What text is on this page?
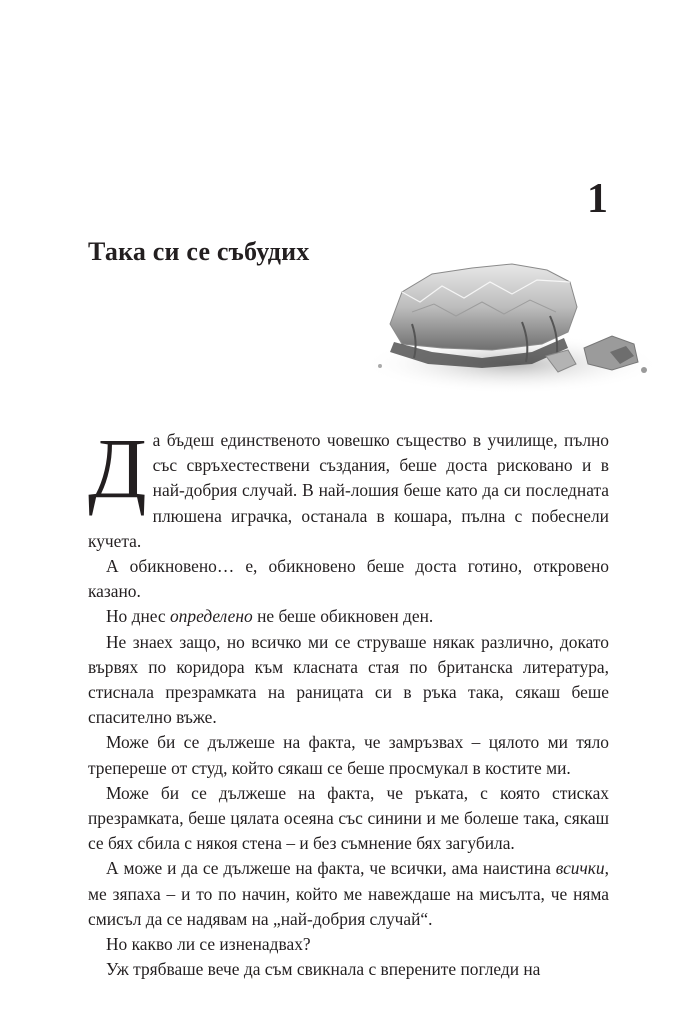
1
Така си се събудих

Да бъдеш единственото човешко същество в училище, пълно със свръхестествени създания, беше доста рисковано и в най-добрия случай. В най-лошия беше като да си последната плюшена играчка, останала в кошара, пълна с побеснели кучета.

А обикновено… е, обикновено беше доста готино, откровено казано.

Но днес определено не беше обикновен ден.

Не знаех защо, но всичко ми се струваше някак различно, докато вървях по коридора към класната стая по британска литература, стиснала презрамката на раницата си в ръка така, сякаш беше спасително въже.

Може би се дължеше на факта, че замръзвах – цялото ми тяло трепереше от студ, който сякаш се беше просмукал в костите ми.

Може би се дължеше на факта, че ръката, с която стисках презрамката, беше цялата осеяна със синини и ме болеше така, сякаш се бях сбила с някоя стена – и без съмнение бях загубила.

А може и да се дължеше на факта, че всички, ама наистина всички, ме зяпаха – и то по начин, който ме навеждаше на мисълта, че няма смисъл да се надявам на „най-добрия случай“.

Но какво ли се изненадвах?

Уж трябваше вече да съм свикнала с вперените погледи на
